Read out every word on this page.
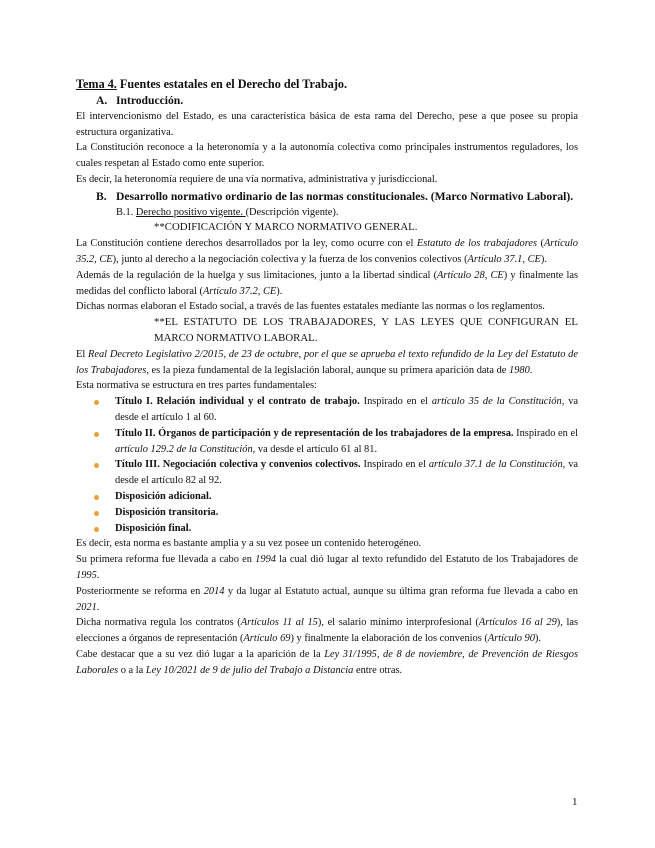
Tema 4. Fuentes estatales en el Derecho del Trabajo.

A. Introducción.

El intervencionismo del Estado, es una característica básica de esta rama del Derecho, pese a que posee su propia estructura organizativa.

La Constitución reconoce a la heteronomía y a la autonomía colectiva como principales instrumentos reguladores, los cuales respetan al Estado como ente superior.

Es decir, la heteronomía requiere de una vía normativa, administrativa y jurisdiccional.

B. Desarrollo normativo ordinario de las normas constitucionales. (Marco Normativo Laboral).

B.1. Derecho positivo vigente. (Descripción vigente).

**CODIFICACIÓN Y MARCO NORMATIVO GENERAL.

La Constitución contiene derechos desarrollados por la ley, como ocurre con el Estatuto de los trabajadores (Artículo 35.2, CE), junto al derecho a la negociación colectiva y la fuerza de los convenios colectivos (Artículo 37.1, CE).

Además de la regulación de la huelga y sus limitaciones, junto a la libertad sindical (Artículo 28, CE) y finalmente las medidas del conflicto laboral (Artículo 37.2, CE).

Dichas normas elaboran el Estado social, a través de las fuentes estatales mediante las normas o los reglamentos.

**EL ESTATUTO DE LOS TRABAJADORES, Y LAS LEYES QUE CONFIGURAN EL MARCO NORMATIVO LABORAL.

El Real Decreto Legislativo 2/2015, de 23 de octubre, por el que se aprueba el texto refundido de la Ley del Estatuto de los Trabajadores, es la pieza fundamental de la legislación laboral, aunque su primera aparición data de 1980.

Esta normativa se estructura en tres partes fundamentales:

Título I. Relación individual y el contrato de trabajo. Inspirado en el artículo 35 de la Constitución, va desde el artículo 1 al 60.
Título II. Órganos de participación y de representación de los trabajadores de la empresa. Inspirado en el artículo 129.2 de la Constitución, va desde el artículo 61 al 81.
Título III. Negociación colectiva y convenios colectivos. Inspirado en el artículo 37.1 de la Constitución, va desde el artículo 82 al 92.
Disposición adicional.
Disposición transitoria.
Disposición final.

Es decir, esta norma es bastante amplia y a su vez posee un contenido heterogéneo.

Su primera reforma fue llevada a cabo en 1994 la cual dió lugar al texto refundido del Estatuto de los Trabajadores de 1995.

Posteriormente se reforma en 2014 y da lugar al Estatuto actual, aunque su última gran reforma fue llevada a cabo en 2021.

Dicha normativa regula los contratos (Artículos 11 al 15), el salario mínimo interprofesional (Artículos 16 al 29), las elecciones a órganos de representación (Artículo 69) y finalmente la elaboración de los convenios (Artículo 90).

Cabe destacar que a su vez dió lugar a la aparición de la Ley 31/1995, de 8 de noviembre, de Prevención de Riesgos Laborales o a la Ley 10/2021 de 9 de julio del Trabajo a Distancia entre otras.

1
